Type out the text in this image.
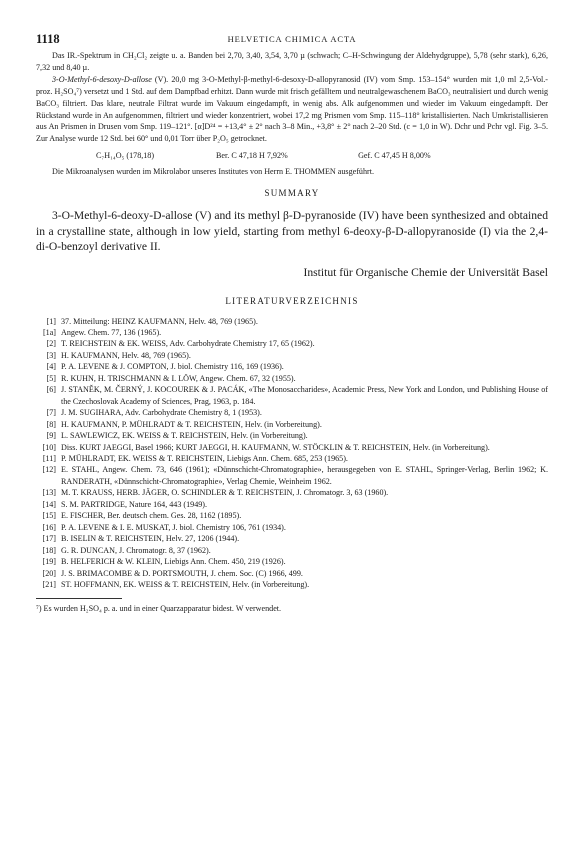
1118	HELVETICA CHIMICA ACTA

Das IR.-Spektrum in CH₂Cl₂ zeigte u. a. Banden bei 2,70, 3,40, 3,54, 3,70 µ (schwach; C–H-Schwingung der Aldehydgruppe), 5,78 (sehr stark), 6,26, 7,32 und 8,40 µ.

3-O-Methyl-6-desoxy-D-allose (V). 20,0 mg 3-O-Methyl-β-methyl-6-desoxy-D-allopyranosid (IV) vom Smp. 153–154° wurden mit 1,0 ml 2,5-Vol.-proz. H₂SO₄⁷) versetzt und 1 Std. auf dem Dampfbad erhitzt. Dann wurde mit frisch gefälltem und neutralgewaschenem BaCO₃ neutralisiert und durch wenig BaCO₃ filtriert. Das klare, neutrale Filtrat wurde im Vakuum eingedampft, in wenig abs. Alk aufgenommen und wieder im Vakuum eingedampft. Der Rückstand wurde in An aufgenommen, filtriert und wieder konzentriert, wobei 17,2 mg Prismen vom Smp. 115–118° kristallisierten. Nach Umkristallisieren aus An Prismen in Drusen vom Smp. 119–121°. [α]D²⁴ = +13,4° ± 2° nach 3–8 Min., +3,8° ± 2° nach 2–20 Std. (c = 1,0 in W). Dchr und Pchr vgl. Fig. 3–5. Zur Analyse wurde 12 Std. bei 60° und 0,01 Torr über P₂O₅ getrocknet.

C₇H₁₄O₅ (178,18)	Ber. C 47,18 H 7,92%	Gef. C 47,45 H 8,00%

Die Mikroanalysen wurden im Mikrolabor unseres Institutes von Herrn E. THOMMEN ausgeführt.

SUMMARY

3-O-Methyl-6-deoxy-D-allose (V) and its methyl β-D-pyranoside (IV) have been synthesized and obtained in a crystalline state, although in low yield, starting from methyl 6-deoxy-β-D-allopyranoside (I) via the 2,4-di-O-benzoyl derivative II.

Institut für Organische Chemie der Universität Basel

LITERATURVERZEICHNIS
[1] 37. Mitteilung: HEINZ KAUFMANN, Helv. 48, 769 (1965).
[1a] Angew. Chem. 77, 136 (1965).
[2] T. REICHSTEIN & EK. WEISS, Adv. Carbohydrate Chemistry 17, 65 (1962).
[3] H. KAUFMANN, Helv. 48, 769 (1965).
[4] P. A. LEVENE & J. COMPTON, J. biol. Chemistry 116, 169 (1936).
[5] R. KUHN, H. TRISCHMANN & I. LÖW, Angew. Chem. 67, 32 (1955).
[6] J. STANĚK, M. ČERNÝ, J. KOCOUREK & J. PACÁK, «The Monosaccharides», Academic Press, New York and London, und Publishing House of the Czechoslovak Academy of Sciences, Prag, 1963, p. 184.
[7] J. M. SUGIHARA, Adv. Carbohydrate Chemistry 8, 1 (1953).
[8] H. KAUFMANN, P. MÜHLRADT & T. REICHSTEIN, Helv. (in Vorbereitung).
[9] L. SAWLEWICZ, EK. WEISS & T. REICHSTEIN, Helv. (in Vorbereitung).
[10] Diss. KURT JAEGGI, Basel 1966; KURT JAEGGI, H. KAUFMANN, W. STÖCKLIN & T. REICHSTEIN, Helv. (in Vorbereitung).
[11] P. MÜHLRADT, EK. WEISS & T. REICHSTEIN, Liebigs Ann. Chem. 685, 253 (1965).
[12] E. STAHL, Angew. Chem. 73, 646 (1961); «Dünnschicht-Chromatographie», herausgegeben von E. STAHL, Springer-Verlag, Berlin 1962; K. RANDERATH, «Dünnschicht-Chromatographie», Verlag Chemie, Weinheim 1962.
[13] M. T. KRAUSS, HERB. JÄGER, O. SCHINDLER & T. REICHSTEIN, J. Chromatogr. 3, 63 (1960).
[14] S. M. PARTRIDGE, Nature 164, 443 (1949).
[15] E. FISCHER, Ber. deutsch chem. Ges. 28, 1162 (1895).
[16] P. A. LEVENE & I. E. MUSKAT, J. biol. Chemistry 106, 761 (1934).
[17] B. ISELIN & T. REICHSTEIN, Helv. 27, 1206 (1944).
[18] G. R. DUNCAN, J. Chromatogr. 8, 37 (1962).
[19] B. HELFERICH & W. KLEIN, Liebigs Ann. Chem. 450, 219 (1926).
[20] J. S. BRIMACOMBE & D. PORTSMOUTH, J. chem. Soc. (C) 1966, 499.
[21] ST. HOFFMANN, EK. WEISS & T. REICHSTEIN, Helv. (in Vorbereitung).
⁷) Es wurden H₂SO₄ p. a. und in einer Quarzapparatur bidest. W verwendet.
